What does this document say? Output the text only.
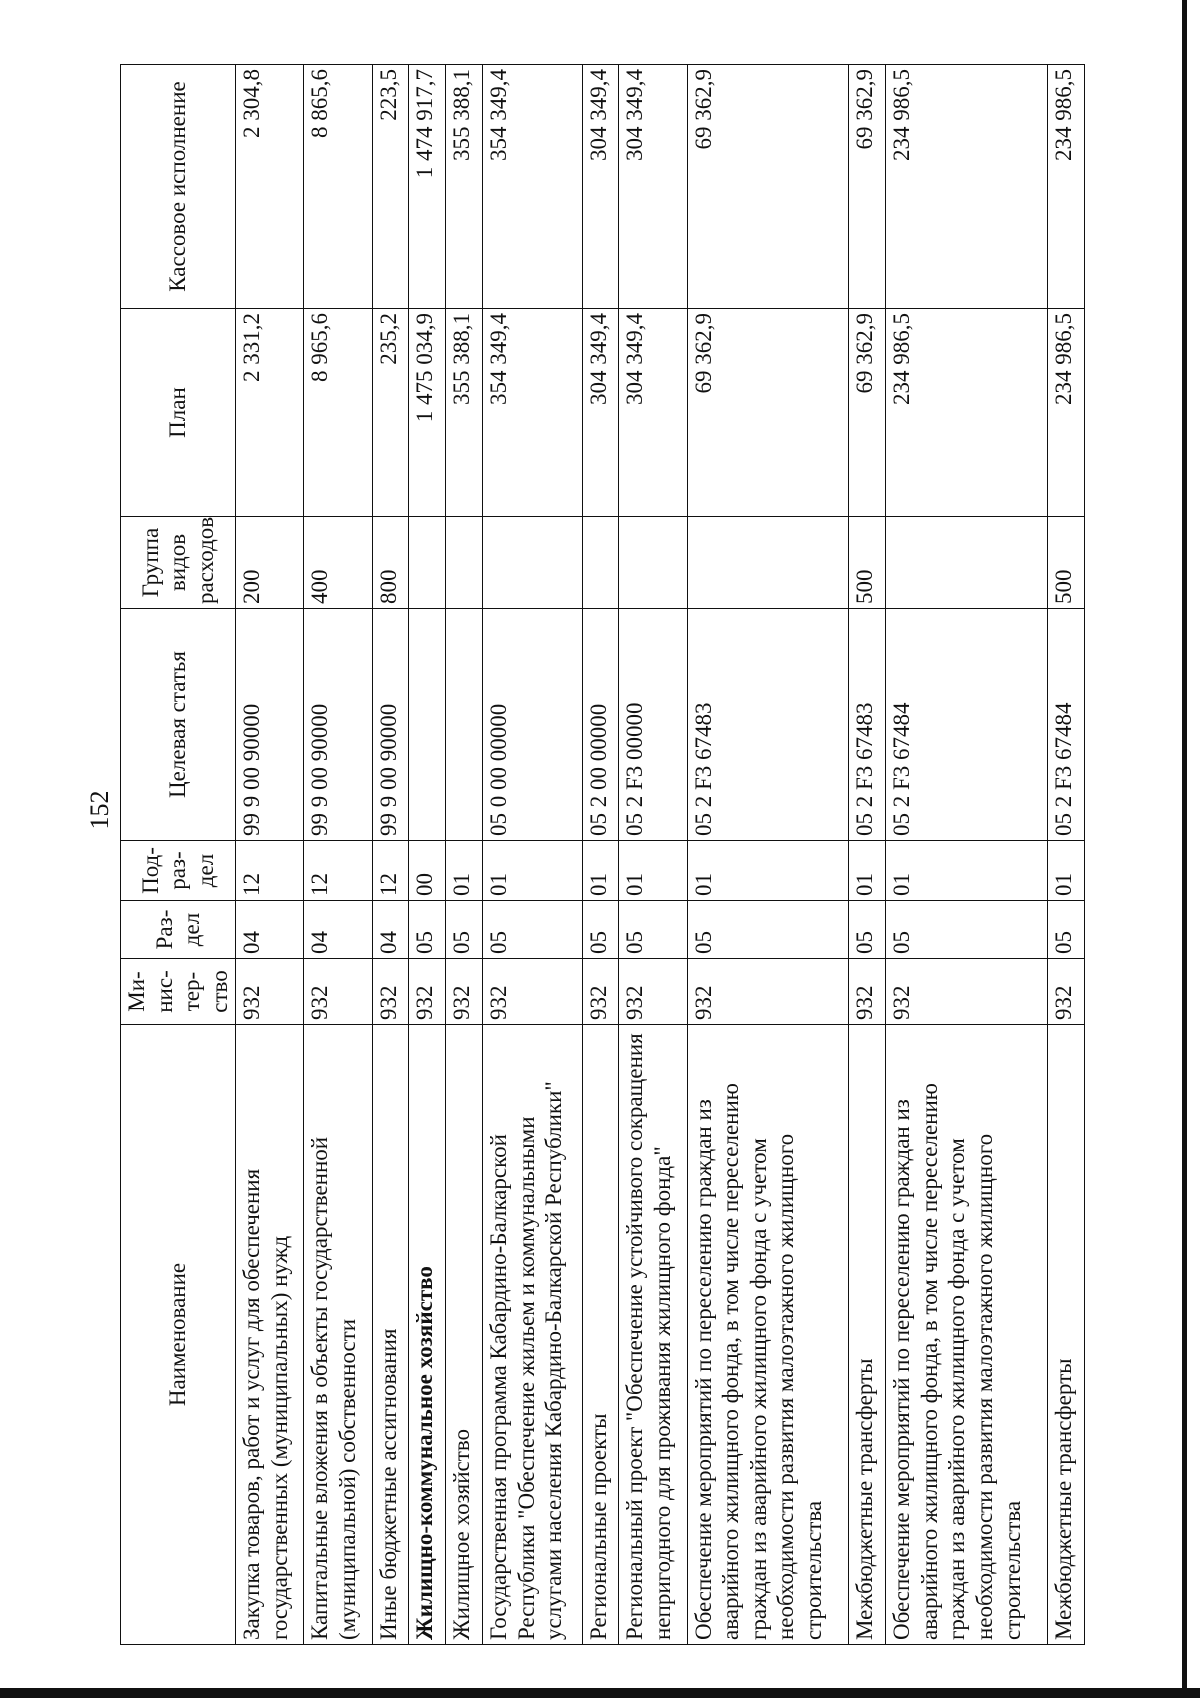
152
Наименование	Ми-нис-тер-ство	Раз-дел	Под-раз-дел	Целевая статья	Группа видов расходов	План	Кассовое исполнение
Закупка товаров, работ и услуг для обеспечения государственных (муниципальных) нужд	932	04	12	99 9 00 90000	200	2 331,2	2 304,8
Капитальные вложения в объекты государственной (муниципальной) собственности	932	04	12	99 9 00 90000	400	8 965,6	8 865,6
Иные бюджетные ассигнования	932	04	12	99 9 00 90000	800	235,2	223,5
Жилищно-коммунальное хозяйство	932	05	00			1 475 034,9	1 474 917,7
Жилищное хозяйство	932	05	01			355 388,1	355 388,1
Государственная программа Кабардино-Балкарской Республики "Обеспечение жильем и коммунальными услугами населения Кабардино-Балкарской Республики"	932	05	01	05 0 00 00000		354 349,4	354 349,4
Региональные проекты	932	05	01	05 2 00 00000		304 349,4	304 349,4
Региональный проект "Обеспечение устойчивого сокращения непригодного для проживания жилищного фонда"	932	05	01	05 2 F3 00000		304 349,4	304 349,4
Обеспечение мероприятий по переселению граждан из аварийного жилищного фонда, в том числе переселению граждан из аварийного жилищного фонда с учетом необходимости развития малоэтажного жилищного строительства	932	05	01	05 2 F3 67483		69 362,9	69 362,9
Межбюджетные трансферты	932	05	01	05 2 F3 67483	500	69 362,9	69 362,9
Обеспечение мероприятий по переселению граждан из аварийного жилищного фонда, в том числе переселению граждан из аварийного жилищного фонда с учетом необходимости развития малоэтажного жилищного строительства	932	05	01	05 2 F3 67484		234 986,5	234 986,5
Межбюджетные трансферты	932	05	01	05 2 F3 67484	500	234 986,5	234 986,5
